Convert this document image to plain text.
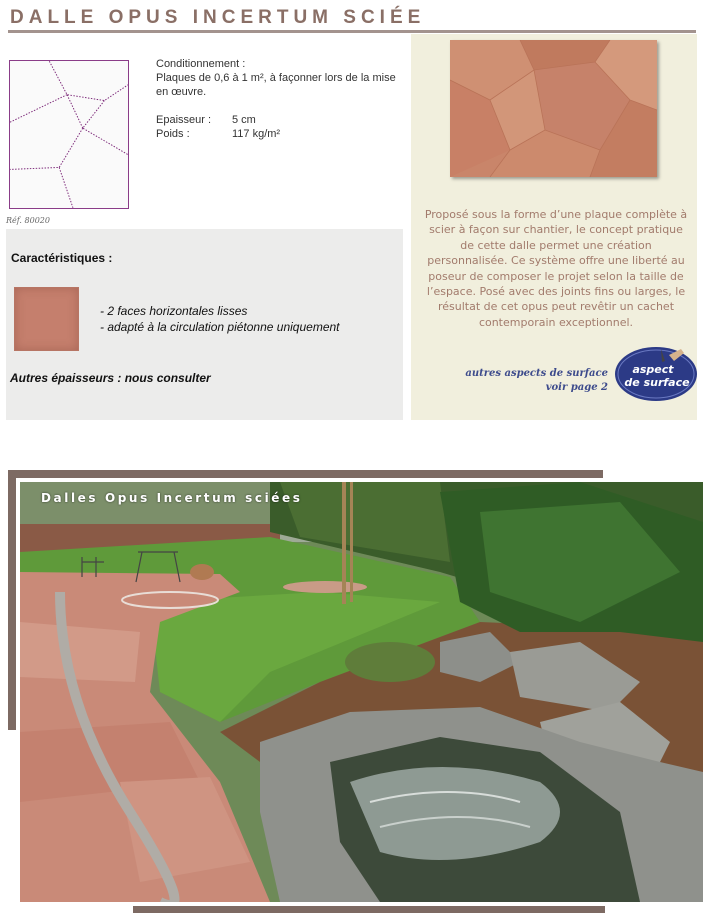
DALLE OPUS INCERTUM SCIÉE
Conditionnement :
Plaques de 0,6 à 1 m², à façonner lors de la mise en œuvre.
Epaisseur :	5 cm
Poids :	117 kg/m²
Réf. 80020
Caractéristiques :
- 2 faces horizontales lisses
- adapté à la circulation piétonne uniquement
Autres épaisseurs : nous consulter
Proposé sous la forme d’une plaque complète à scier à façon sur chantier, le concept pratique de cette dalle permet une création personnalisée. Ce système offre une liberté au poseur de composer le projet selon la taille de l’espace. Posé avec des joints fins ou larges, le résultat de cet opus peut revêtir un cachet contemporain exceptionnel.
autres aspects de surface
voir page 2
aspect
de surface
Dalles Opus Incertum sciées
